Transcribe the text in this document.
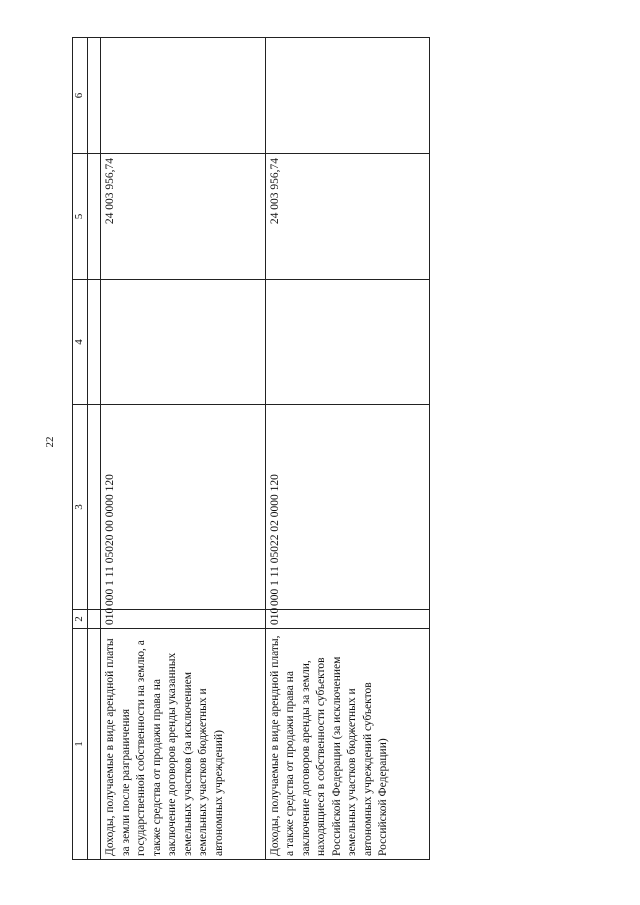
22
1	2	3	4	5	6

Доходы, получаемые в виде арендной платы за земли после разграничения государственной собственности на землю, а также средства от продажи права на заключение договоров аренды указанных земельных участков (за исключением земельных участков бюджетных и автономных учреждений)	010	000 1 11 05020 00 0000 120		24 003 956,74	
Доходы, получаемые в виде арендной платы, а также средства от продажи права на заключение договоров аренды за земли, находящиеся в собственности субъектов Российской Федерации (за исключением земельных участков бюджетных и автономных учреждений субъектов Российской Федерации)	010	000 1 11 05022 02 0000 120		24 003 956,74	
